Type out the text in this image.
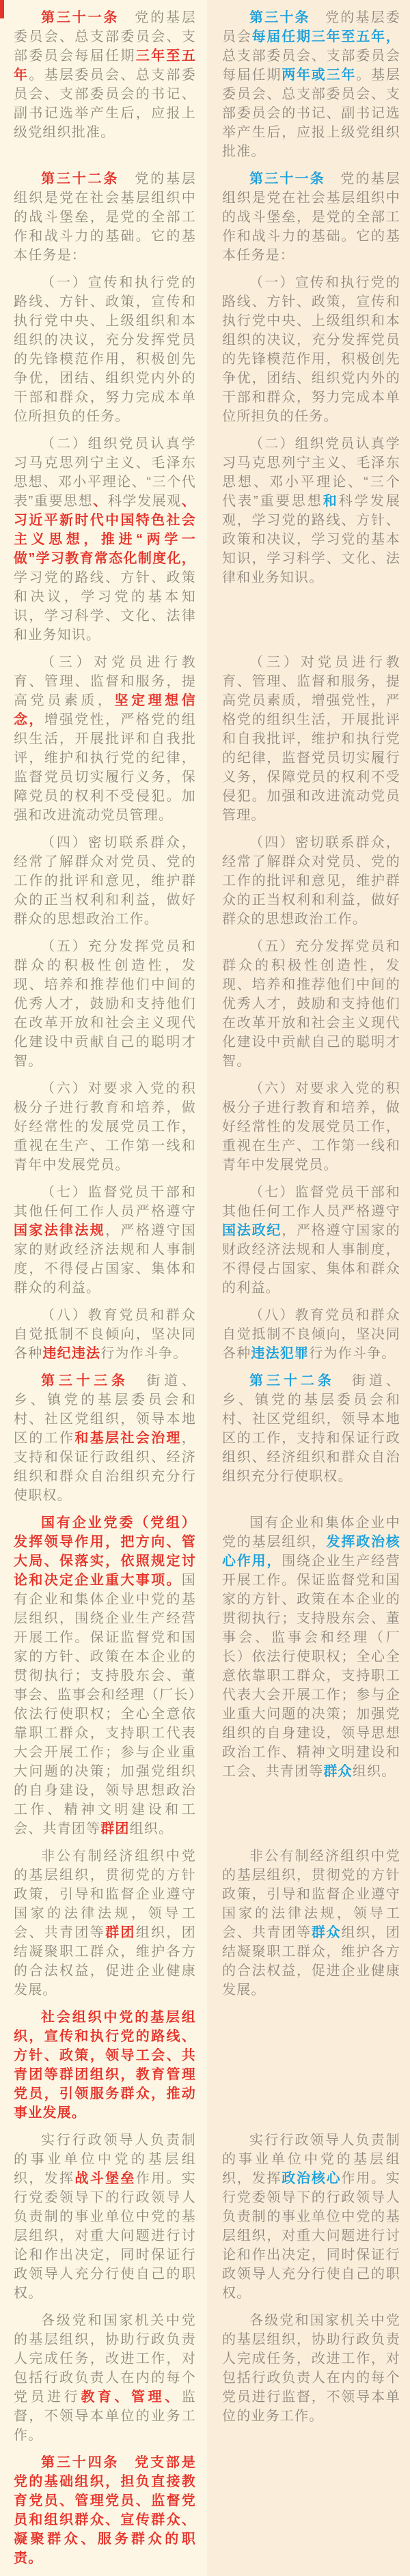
第三十一条　党的基层委员会、总支部委员会、支部委员会每届任期三年至五年。基层委员会、总支部委员会、支部委员会的书记、副书记选举产生后，应报上级党组织批准。

第三十条　党的基层委员会每届任期三年至五年，总支部委员会、支部委员会每届任期两年或三年。基层委员会、总支部委员会、支部委员会的书记、副书记选举产生后，应报上级党组织批准。

第三十二条　党的基层组织是党在社会基层组织中的战斗堡垒，是党的全部工作和战斗力的基础。它的基本任务是：

第三十一条　党的基层组织是党在社会基层组织中的战斗堡垒，是党的全部工作和战斗力的基础。它的基本任务是：

（一）宣传和执行党的路线、方针、政策，宣传和执行党中央、上级组织和本组织的决议，充分发挥党员的先锋模范作用，积极创先争优，团结、组织党内外的干部和群众，努力完成本单位所担负的任务。

（一）宣传和执行党的路线、方针、政策，宣传和执行党中央、上级组织和本组织的决议，充分发挥党员的先锋模范作用，积极创先争优，团结、组织党内外的干部和群众，努力完成本单位所担负的任务。

（二）组织党员认真学习马克思列宁主义、毛泽东思想、邓小平理论、“三个代表”重要思想、科学发展观、习近平新时代中国特色社会主义思想，推进“两学一做”学习教育常态化制度化，学习党的路线、方针、政策和决议，学习党的基本知识，学习科学、文化、法律和业务知识。

（二）组织党员认真学习马克思列宁主义、毛泽东思想、邓小平理论、“三个代表”重要思想和科学发展观，学习党的路线、方针、政策和决议，学习党的基本知识，学习科学、文化、法律和业务知识。

（三）对党员进行教育、管理、监督和服务，提高党员素质，坚定理想信念，增强党性，严格党的组织生活，开展批评和自我批评，维护和执行党的纪律，监督党员切实履行义务，保障党员的权利不受侵犯。加强和改进流动党员管理。

（三）对党员进行教育、管理、监督和服务，提高党员素质，增强党性，严格党的组织生活，开展批评和自我批评，维护和执行党的纪律，监督党员切实履行义务，保障党员的权利不受侵犯。加强和改进流动党员管理。

（四）密切联系群众，经常了解群众对党员、党的工作的批评和意见，维护群众的正当权利和利益，做好群众的思想政治工作。

（四）密切联系群众，经常了解群众对党员、党的工作的批评和意见，维护群众的正当权利和利益，做好群众的思想政治工作。

（五）充分发挥党员和群众的积极性创造性，发现、培养和推荐他们中间的优秀人才，鼓励和支持他们在改革开放和社会主义现代化建设中贡献自己的聪明才智。

（五）充分发挥党员和群众的积极性创造性，发现、培养和推荐他们中间的优秀人才，鼓励和支持他们在改革开放和社会主义现代化建设中贡献自己的聪明才智。

（六）对要求入党的积极分子进行教育和培养，做好经常性的发展党员工作，重视在生产、工作第一线和青年中发展党员。

（六）对要求入党的积极分子进行教育和培养，做好经常性的发展党员工作，重视在生产、工作第一线和青年中发展党员。

（七）监督党员干部和其他任何工作人员严格遵守国家法律法规，严格遵守国家的财政经济法规和人事制度，不得侵占国家、集体和群众的利益。

（七）监督党员干部和其他任何工作人员严格遵守国法政纪，严格遵守国家的财政经济法规和人事制度，不得侵占国家、集体和群众的利益。

（八）教育党员和群众自觉抵制不良倾向，坚决同各种违纪违法行为作斗争。

（八）教育党员和群众自觉抵制不良倾向，坚决同各种违法犯罪行为作斗争。

第三十三条　街道、乡、镇党的基层委员会和村、社区党组织，领导本地区的工作和基层社会治理，支持和保证行政组织、经济组织和群众自治组织充分行使职权。

第三十二条　街道、乡、镇党的基层委员会和村、社区党组织，领导本地区的工作，支持和保证行政组织、经济组织和群众自治组织充分行使职权。

国有企业党委（党组）发挥领导作用，把方向、管大局、保落实，依照规定讨论和决定企业重大事项。国有企业和集体企业中党的基层组织，围绕企业生产经营开展工作。保证监督党和国家的方针、政策在本企业的贯彻执行；支持股东会、董事会、监事会和经理（厂长）依法行使职权；全心全意依靠职工群众，支持职工代表大会开展工作；参与企业重大问题的决策；加强党组织的自身建设，领导思想政治工作、精神文明建设和工会、共青团等群团组织。

国有企业和集体企业中党的基层组织，发挥政治核心作用，围绕企业生产经营开展工作。保证监督党和国家的方针、政策在本企业的贯彻执行；支持股东会、董事会、监事会和经理（厂长）依法行使职权；全心全意依靠职工群众，支持职工代表大会开展工作；参与企业重大问题的决策；加强党组织的自身建设，领导思想政治工作、精神文明建设和工会、共青团等群众组织。

非公有制经济组织中党的基层组织，贯彻党的方针政策，引导和监督企业遵守国家的法律法规，领导工会、共青团等群团组织，团结凝聚职工群众，维护各方的合法权益，促进企业健康发展。

非公有制经济组织中党的基层组织，贯彻党的方针政策，引导和监督企业遵守国家的法律法规，领导工会、共青团等群众组织，团结凝聚职工群众，维护各方的合法权益，促进企业健康发展。

社会组织中党的基层组织，宣传和执行党的路线、方针、政策，领导工会、共青团等群团组织，教育管理党员，引领服务群众，推动事业发展。

实行行政领导人负责制的事业单位中党的基层组织，发挥战斗堡垒作用。实行党委领导下的行政领导人负责制的事业单位中党的基层组织，对重大问题进行讨论和作出决定，同时保证行政领导人充分行使自己的职权。

实行行政领导人负责制的事业单位中党的基层组织，发挥政治核心作用。实行党委领导下的行政领导人负责制的事业单位中党的基层组织，对重大问题进行讨论和作出决定，同时保证行政领导人充分行使自己的职权。

各级党和国家机关中党的基层组织，协助行政负责人完成任务，改进工作，对包括行政负责人在内的每个党员进行教育、管理、监督，不领导本单位的业务工作。

各级党和国家机关中党的基层组织，协助行政负责人完成任务，改进工作，对包括行政负责人在内的每个党员进行监督，不领导本单位的业务工作。

第三十四条　党支部是党的基础组织，担负直接教育党员、管理党员、监督党员和组织群众、宣传群众、凝聚群众、服务群众的职责。
